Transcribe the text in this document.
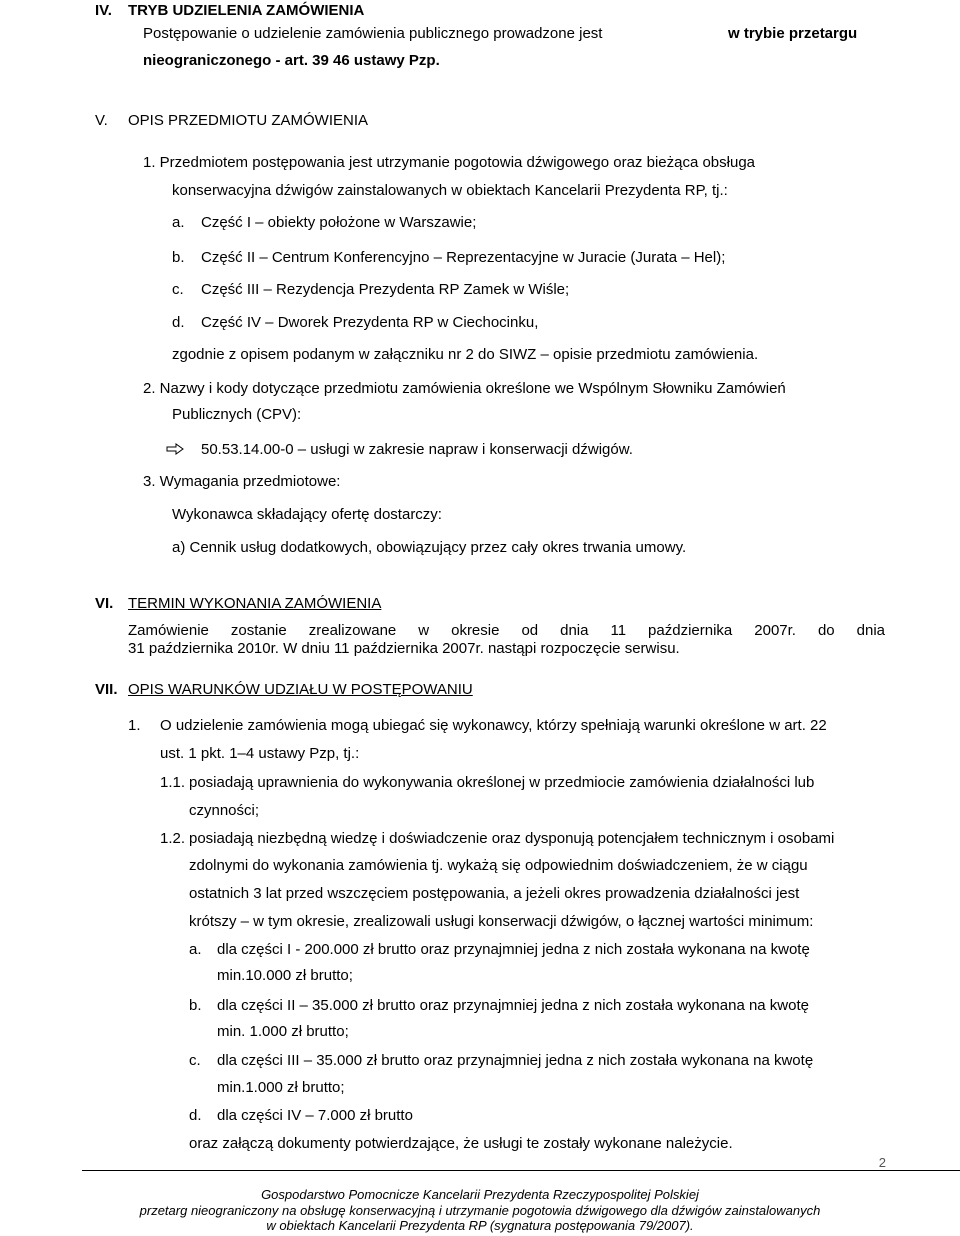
IV. TRYB UDZIELENIA ZAMÓWIENIA
Postępowanie o udzielenie zamówienia publicznego prowadzone jest	w trybie przetargu
nieograniczonego - art. 39 46 ustawy Pzp.
V. OPIS PRZEDMIOTU ZAMÓWIENIA
1. Przedmiotem postępowania jest utrzymanie pogotowia dźwigowego oraz bieżąca obsługa
konserwacyjna dźwigów zainstalowanych w obiektach Kancelarii Prezydenta RP, tj.:
a. Część I – obiekty położone w Warszawie;
b. Część II – Centrum Konferencyjno – Reprezentacyjne w Juracie (Jurata – Hel);
c. Część III – Rezydencja Prezydenta RP Zamek w Wiśle;
d. Część IV – Dworek Prezydenta RP w Ciechocinku,
zgodnie z opisem podanym w załączniku nr 2 do SIWZ – opisie przedmiotu zamówienia.
2. Nazwy i kody dotyczące przedmiotu zamówienia określone we Wspólnym Słowniku Zamówień
Publicznych (CPV):
50.53.14.00-0 – usługi w zakresie napraw i konserwacji dźwigów.
3. Wymagania przedmiotowe:
Wykonawca składający ofertę dostarczy:
a) Cennik usług dodatkowych, obowiązujący przez cały okres trwania umowy.
VI. TERMIN WYKONANIA ZAMÓWIENIA
Zamówienie zostanie zrealizowane w okresie od dnia 11 października 2007r. do dnia
31 października 2010r. W dniu 11 października 2007r. nastąpi rozpoczęcie serwisu.
VII. OPIS WARUNKÓW UDZIAŁU W POSTĘPOWANIU
1. O udzielenie zamówienia mogą ubiegać się wykonawcy, którzy spełniają warunki określone w art. 22
ust. 1 pkt. 1–4 ustawy Pzp, tj.:
1.1. posiadają uprawnienia do wykonywania określonej w przedmiocie zamówienia działalności lub
czynności;
1.2. posiadają niezbędną wiedzę i doświadczenie oraz dysponują potencjałem technicznym i osobami
zdolnymi do wykonania zamówienia tj. wykażą się odpowiednim doświadczeniem, że w ciągu
ostatnich 3 lat przed wszczęciem postępowania, a jeżeli okres prowadzenia działalności jest
krótszy – w tym okresie, zrealizowali usługi konserwacji dźwigów, o łącznej wartości minimum:
a. dla części I - 200.000 zł brutto oraz przynajmniej jedna z nich została wykonana na kwotę
min.10.000 zł brutto;
b. dla części II – 35.000 zł brutto oraz przynajmniej jedna z nich została wykonana na kwotę
min. 1.000 zł brutto;
c. dla części III – 35.000 zł brutto oraz przynajmniej jedna z nich została wykonana na kwotę
min.1.000 zł brutto;
d. dla części IV – 7.000 zł brutto
oraz załączą dokumenty potwierdzające, że usługi te zostały wykonane należycie.
2
Gospodarstwo Pomocnicze Kancelarii Prezydenta Rzeczypospolitej Polskiej
przetarg nieograniczony na obsługę konserwacyjną i utrzymanie pogotowia dźwigowego dla dźwigów zainstalowanych
w obiektach Kancelarii Prezydenta RP (sygnatura postępowania 79/2007).
